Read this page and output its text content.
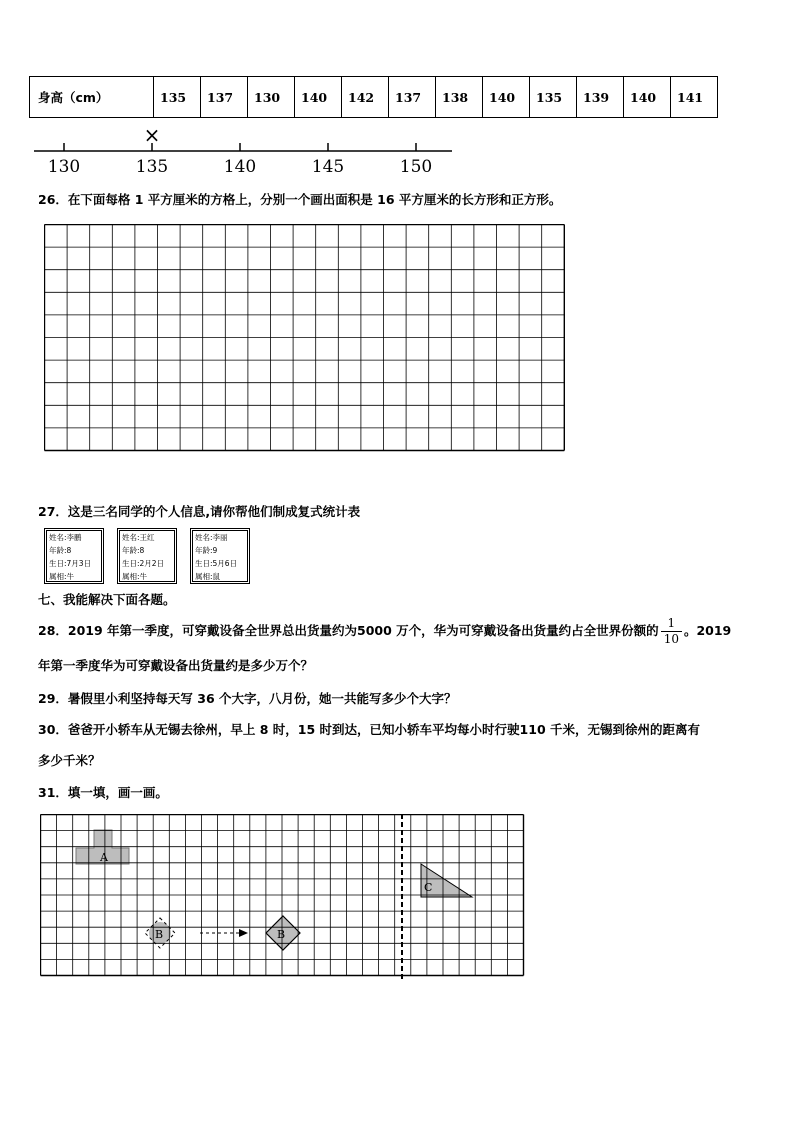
身高（cm）	135	137	130	140	142	137	138	140	135	139	140	141
130	135	140	145	150
×
26．在下面每格 1 平方厘米的方格上，分别一个画出面积是 16 平方厘米的长方形和正方形。
27．这是三名同学的个人信息,请你帮他们制成复式统计表
姓名:李鹏
年龄:8
生日:7月3日
属相:牛
姓名:王红
年龄:8
生日:2月2日
属相:牛
姓名:李丽
年龄:9
生日:5月6日
属相:鼠
七、我能解决下面各题。
28．2019 年第一季度，可穿戴设备全世界总出货量约为5000 万个，华为可穿戴设备出货量约占全世界份额的 $\frac{1}{10}$ 。2019
年第一季度华为可穿戴设备出货量约是多少万个？
29．暑假里小利坚持每天写 36 个大字，八月份，她一共能写多少个大字？
30．爸爸开小轿车从无锡去徐州，早上 8 时，15 时到达，已知小轿车平均每小时行驶110 千米，无锡到徐州的距离有
多少千米？
31．填一填，画一画。
A
B	B
C
